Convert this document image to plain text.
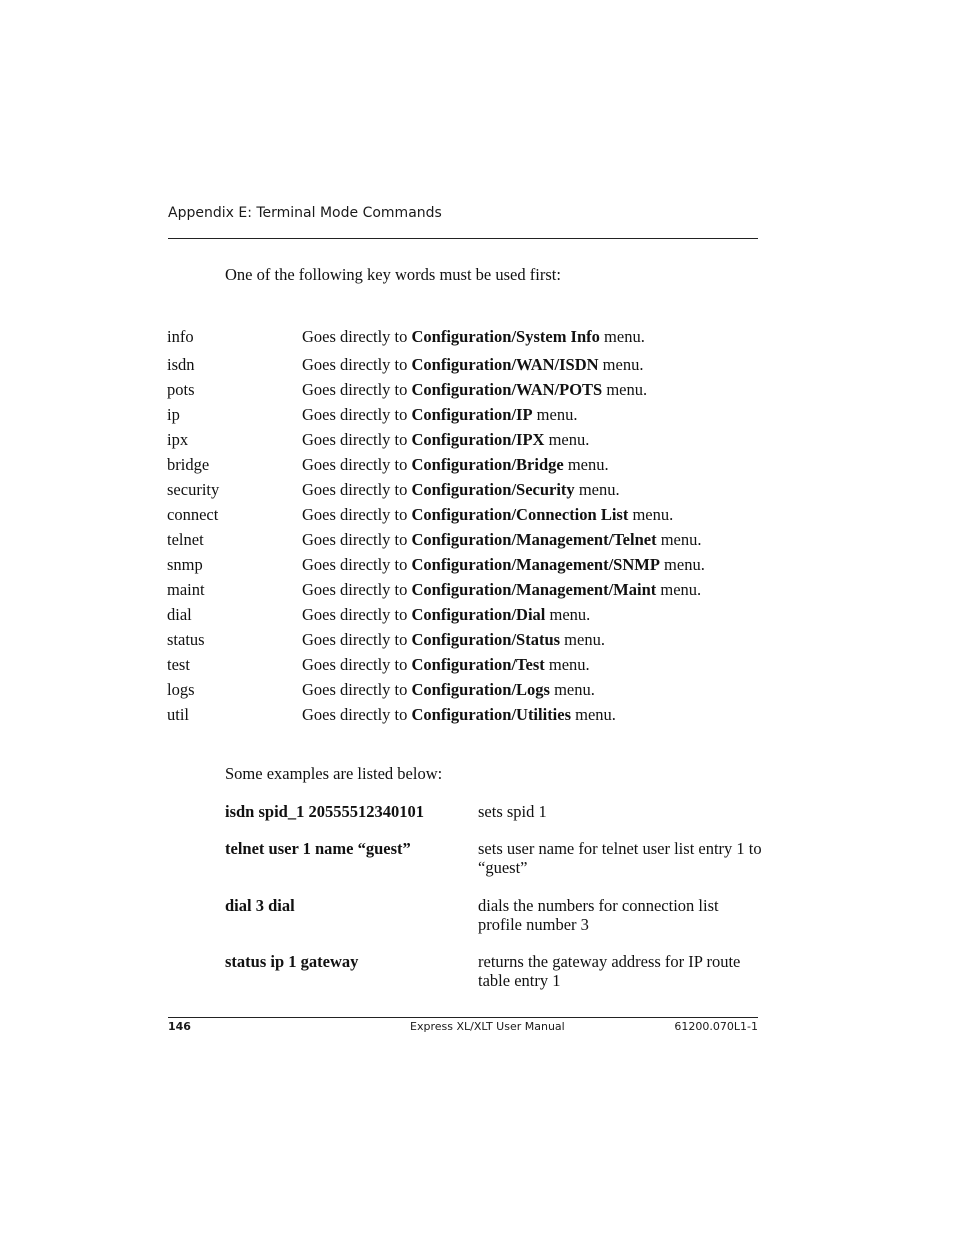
Appendix E: Terminal Mode Commands
One of the following key words must be used first:
info	Goes directly to Configuration/System Info menu.
isdn	Goes directly to Configuration/WAN/ISDN menu.
pots	Goes directly to Configuration/WAN/POTS menu.
ip	Goes directly to Configuration/IP menu.
ipx	Goes directly to Configuration/IPX menu.
bridge	Goes directly to Configuration/Bridge menu.
security	Goes directly to Configuration/Security menu.
connect	Goes directly to Configuration/Connection List menu.
telnet	Goes directly to Configuration/Management/Telnet menu.
snmp	Goes directly to Configuration/Management/SNMP menu.
maint	Goes directly to Configuration/Management/Maint menu.
dial	Goes directly to Configuration/Dial menu.
status	Goes directly to Configuration/Status menu.
test	Goes directly to Configuration/Test menu.
logs	Goes directly to Configuration/Logs menu.
util	Goes directly to Configuration/Utilities menu.
Some examples are listed below:
isdn spid_1 20555512340101	sets spid 1
telnet user 1 name “guest”	sets user name for telnet user list entry 1 to “guest”
dial 3 dial	dials the numbers for connection list profile number 3
status ip 1 gateway	returns the gateway address for IP route table entry 1
146	Express XL/XLT User Manual	61200.070L1-1
